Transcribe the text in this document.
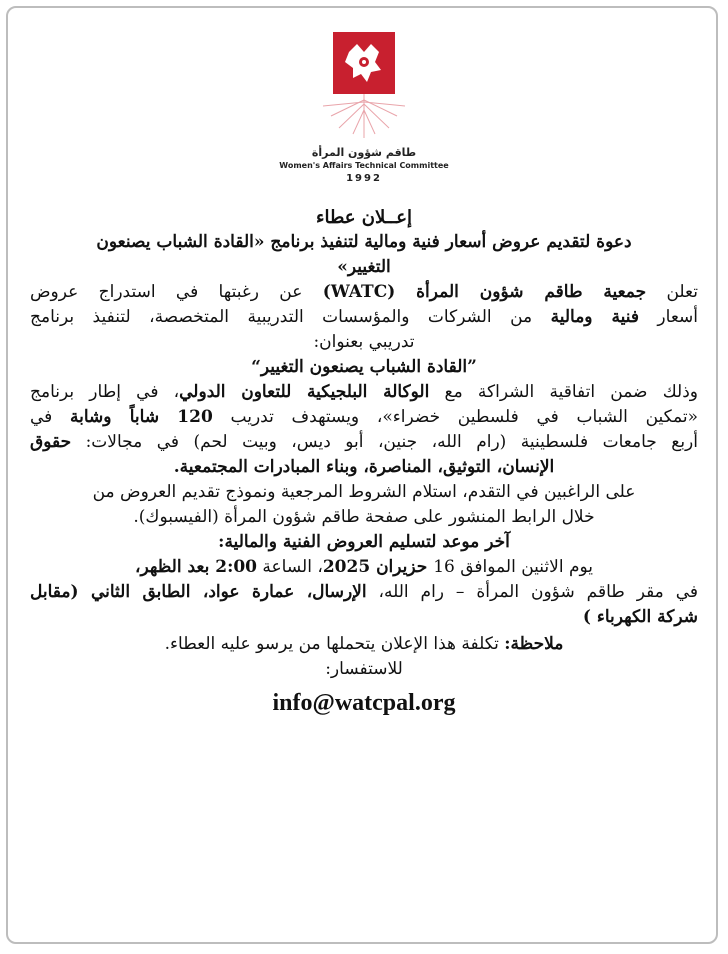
طاقم شؤون المرأة
Women's Affairs Technical Committee
1992
إعــلان عطاء
دعوة لتقديم عروض أسعار فنية ومالية لتنفيذ برنامج «القادة الشباب يصنعون
التغيير»
تعلن جمعية طاقم شؤون المرأة (WATC) عن رغبتها في استدراج عروض
أسعار فنية ومالية من الشركات والمؤسسات التدريبية المتخصصة، لتنفيذ برنامج
تدريبي بعنوان:
”القادة الشباب يصنعون التغيير“
وذلك ضمن اتفاقية الشراكة مع الوكالة البلجيكية للتعاون الدولي، في إطار برنامج
«تمكين الشباب في فلسطين خضراء»، ويستهدف تدريب 120 شاباً وشابة في
أربع جامعات فلسطينية (رام الله، جنين، أبو ديس، وبيت لحم) في مجالات: حقوق
الإنسان، التوثيق، المناصرة، وبناء المبادرات المجتمعية.
على الراغبين في التقدم، استلام الشروط المرجعية ونموذج تقديم العروض من
خلال الرابط المنشور على صفحة طاقم شؤون المرأة (الفيسبوك).
آخر موعد لتسليم العروض الفنية والمالية:
يوم الاثنين الموافق 16 حزيران 2025، الساعة 2:00 بعد الظهر،
في مقر طاقم شؤون المرأة – رام الله، الإرسال، عمارة عواد، الطابق الثاني (مقابل
شركة الكهرباء )
ملاحظة: تكلفة هذا الإعلان يتحملها من يرسو عليه العطاء.
للاستفسار:
info@watcpal.org
